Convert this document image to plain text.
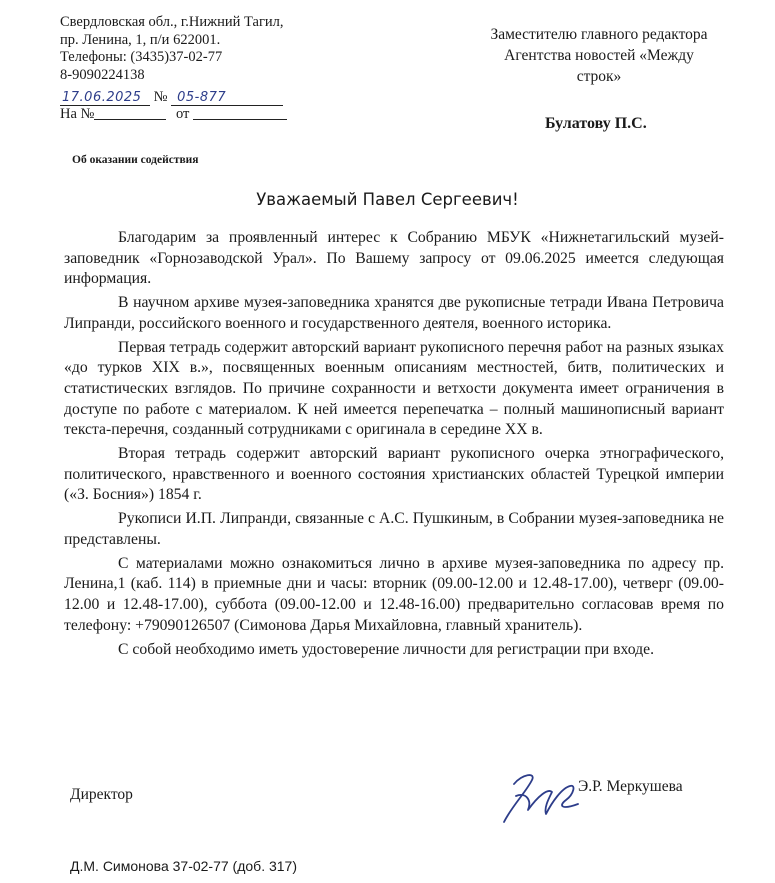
Свердловская обл., г.Нижний Тагил,
пр. Ленина, 1, п/и 622001.
Телефоны: (3435)37-02-77
8-9090224138
17.06.2025 № 05-877
На №	от
Заместителю главного редактора
Агентства новостей «Между
строк»
Булатову П.С.
Об оказании содействия
Уважаемый Павел Сергеевич!

Благодарим за проявленный интерес к Собранию МБУК «Нижнетагильский музей-заповедник «Горнозаводской Урал». По Вашему запросу от 09.06.2025 имеется следующая информация.

В научном архиве музея-заповедника хранятся две рукописные тетради Ивана Петровича Липранди, российского военного и государственного деятеля, военного историка.

Первая тетрадь содержит авторский вариант рукописного перечня работ на разных языках «до турков XIX в.», посвященных военным описаниям местностей, битв, политических и статистических взглядов. По причине сохранности и ветхости документа имеет ограничения в доступе по работе с материалом. К ней имеется перепечатка – полный машинописный вариант текста-перечня, созданный сотрудниками с оригинала в середине XX в.

Вторая тетрадь содержит авторский вариант рукописного очерка этнографического, политического, нравственного и военного состояния христианских областей Турецкой империи («З. Босния») 1854 г.

Рукописи И.П. Липранди, связанные с А.С. Пушкиным, в Собрании музея-заповедника не представлены.

С материалами можно ознакомиться лично в архиве музея-заповедника по адресу пр. Ленина,1 (каб. 114) в приемные дни и часы: вторник (09.00-12.00 и 12.48-17.00), четверг (09.00-12.00 и 12.48-17.00), суббота (09.00-12.00 и 12.48-16.00) предварительно согласовав время по телефону: +79090126507 (Симонова Дарья Михайловна, главный хранитель).

С собой необходимо иметь удостоверение личности для регистрации при входе.

Директор	Э.Р. Меркушева
Д.М. Симонова 37-02-77 (доб. 317)
